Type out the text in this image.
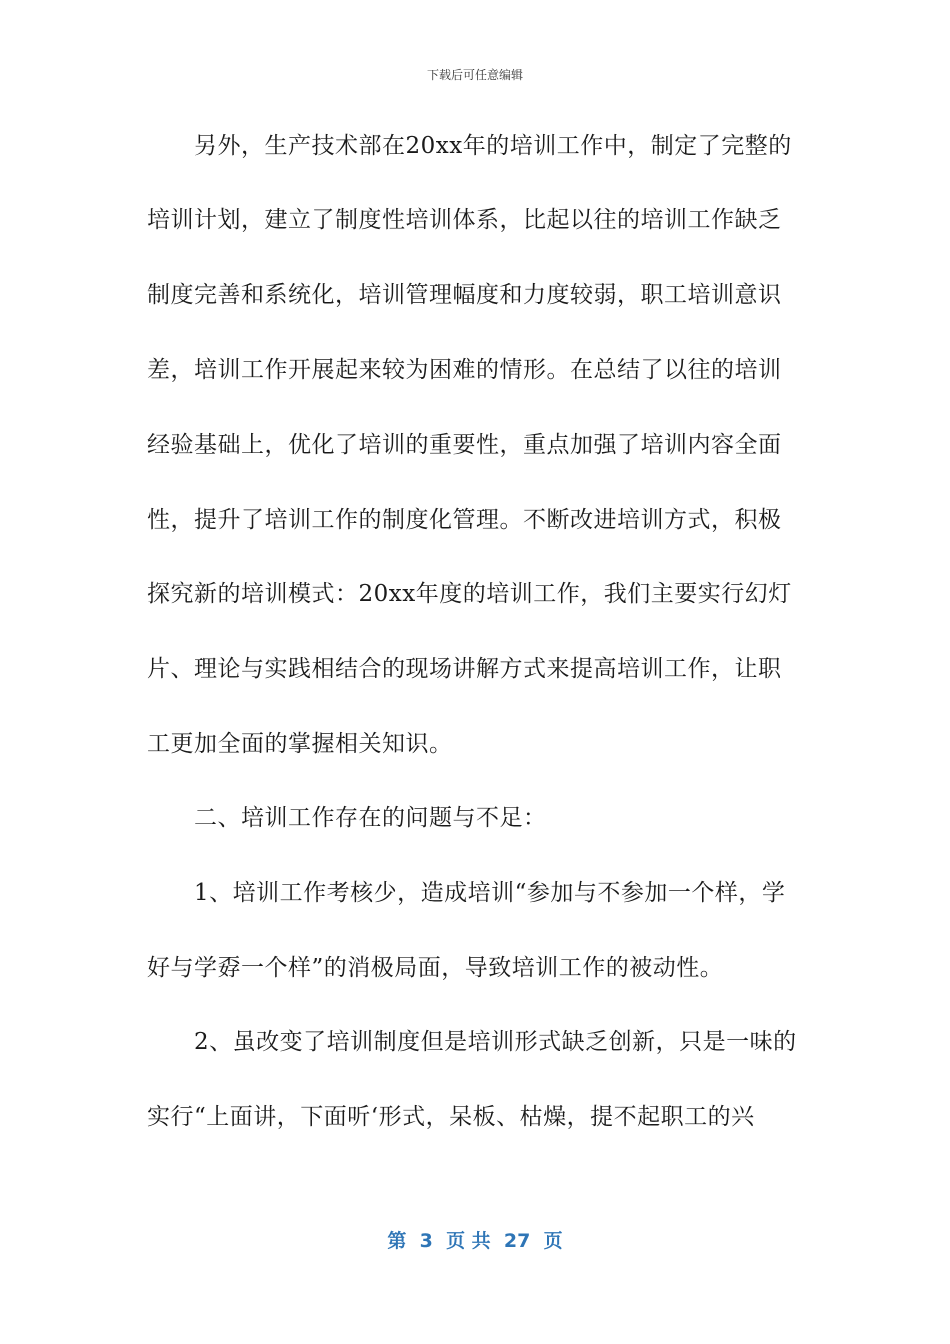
下载后可任意编辑
另外，生产技术部在20xx年的培训工作中，制定了完整的
培训计划，建立了制度性培训体系，比起以往的培训工作缺乏
制度完善和系统化，培训管理幅度和力度较弱，职工培训意识
差，培训工作开展起来较为困难的情形。在总结了以往的培训
经验基础上，优化了培训的重要性，重点加强了培训内容全面
性，提升了培训工作的制度化管理。不断改进培训方式，积极
探究新的培训模式：20xx年度的培训工作，我们主要实行幻灯
片、理论与实践相结合的现场讲解方式来提高培训工作，让职
工更加全面的掌握相关知识。
二、培训工作存在的问题与不足：
1、培训工作考核少，造成培训“参加与不参加一个样，学
好与学孬一个样”的消极局面，导致培训工作的被动性。
2、虽改变了培训制度但是培训形式缺乏创新，只是一味的
实行“上面讲，下面听‘形式，呆板、枯燥，提不起职工的兴
第  3  页 共  27  页
